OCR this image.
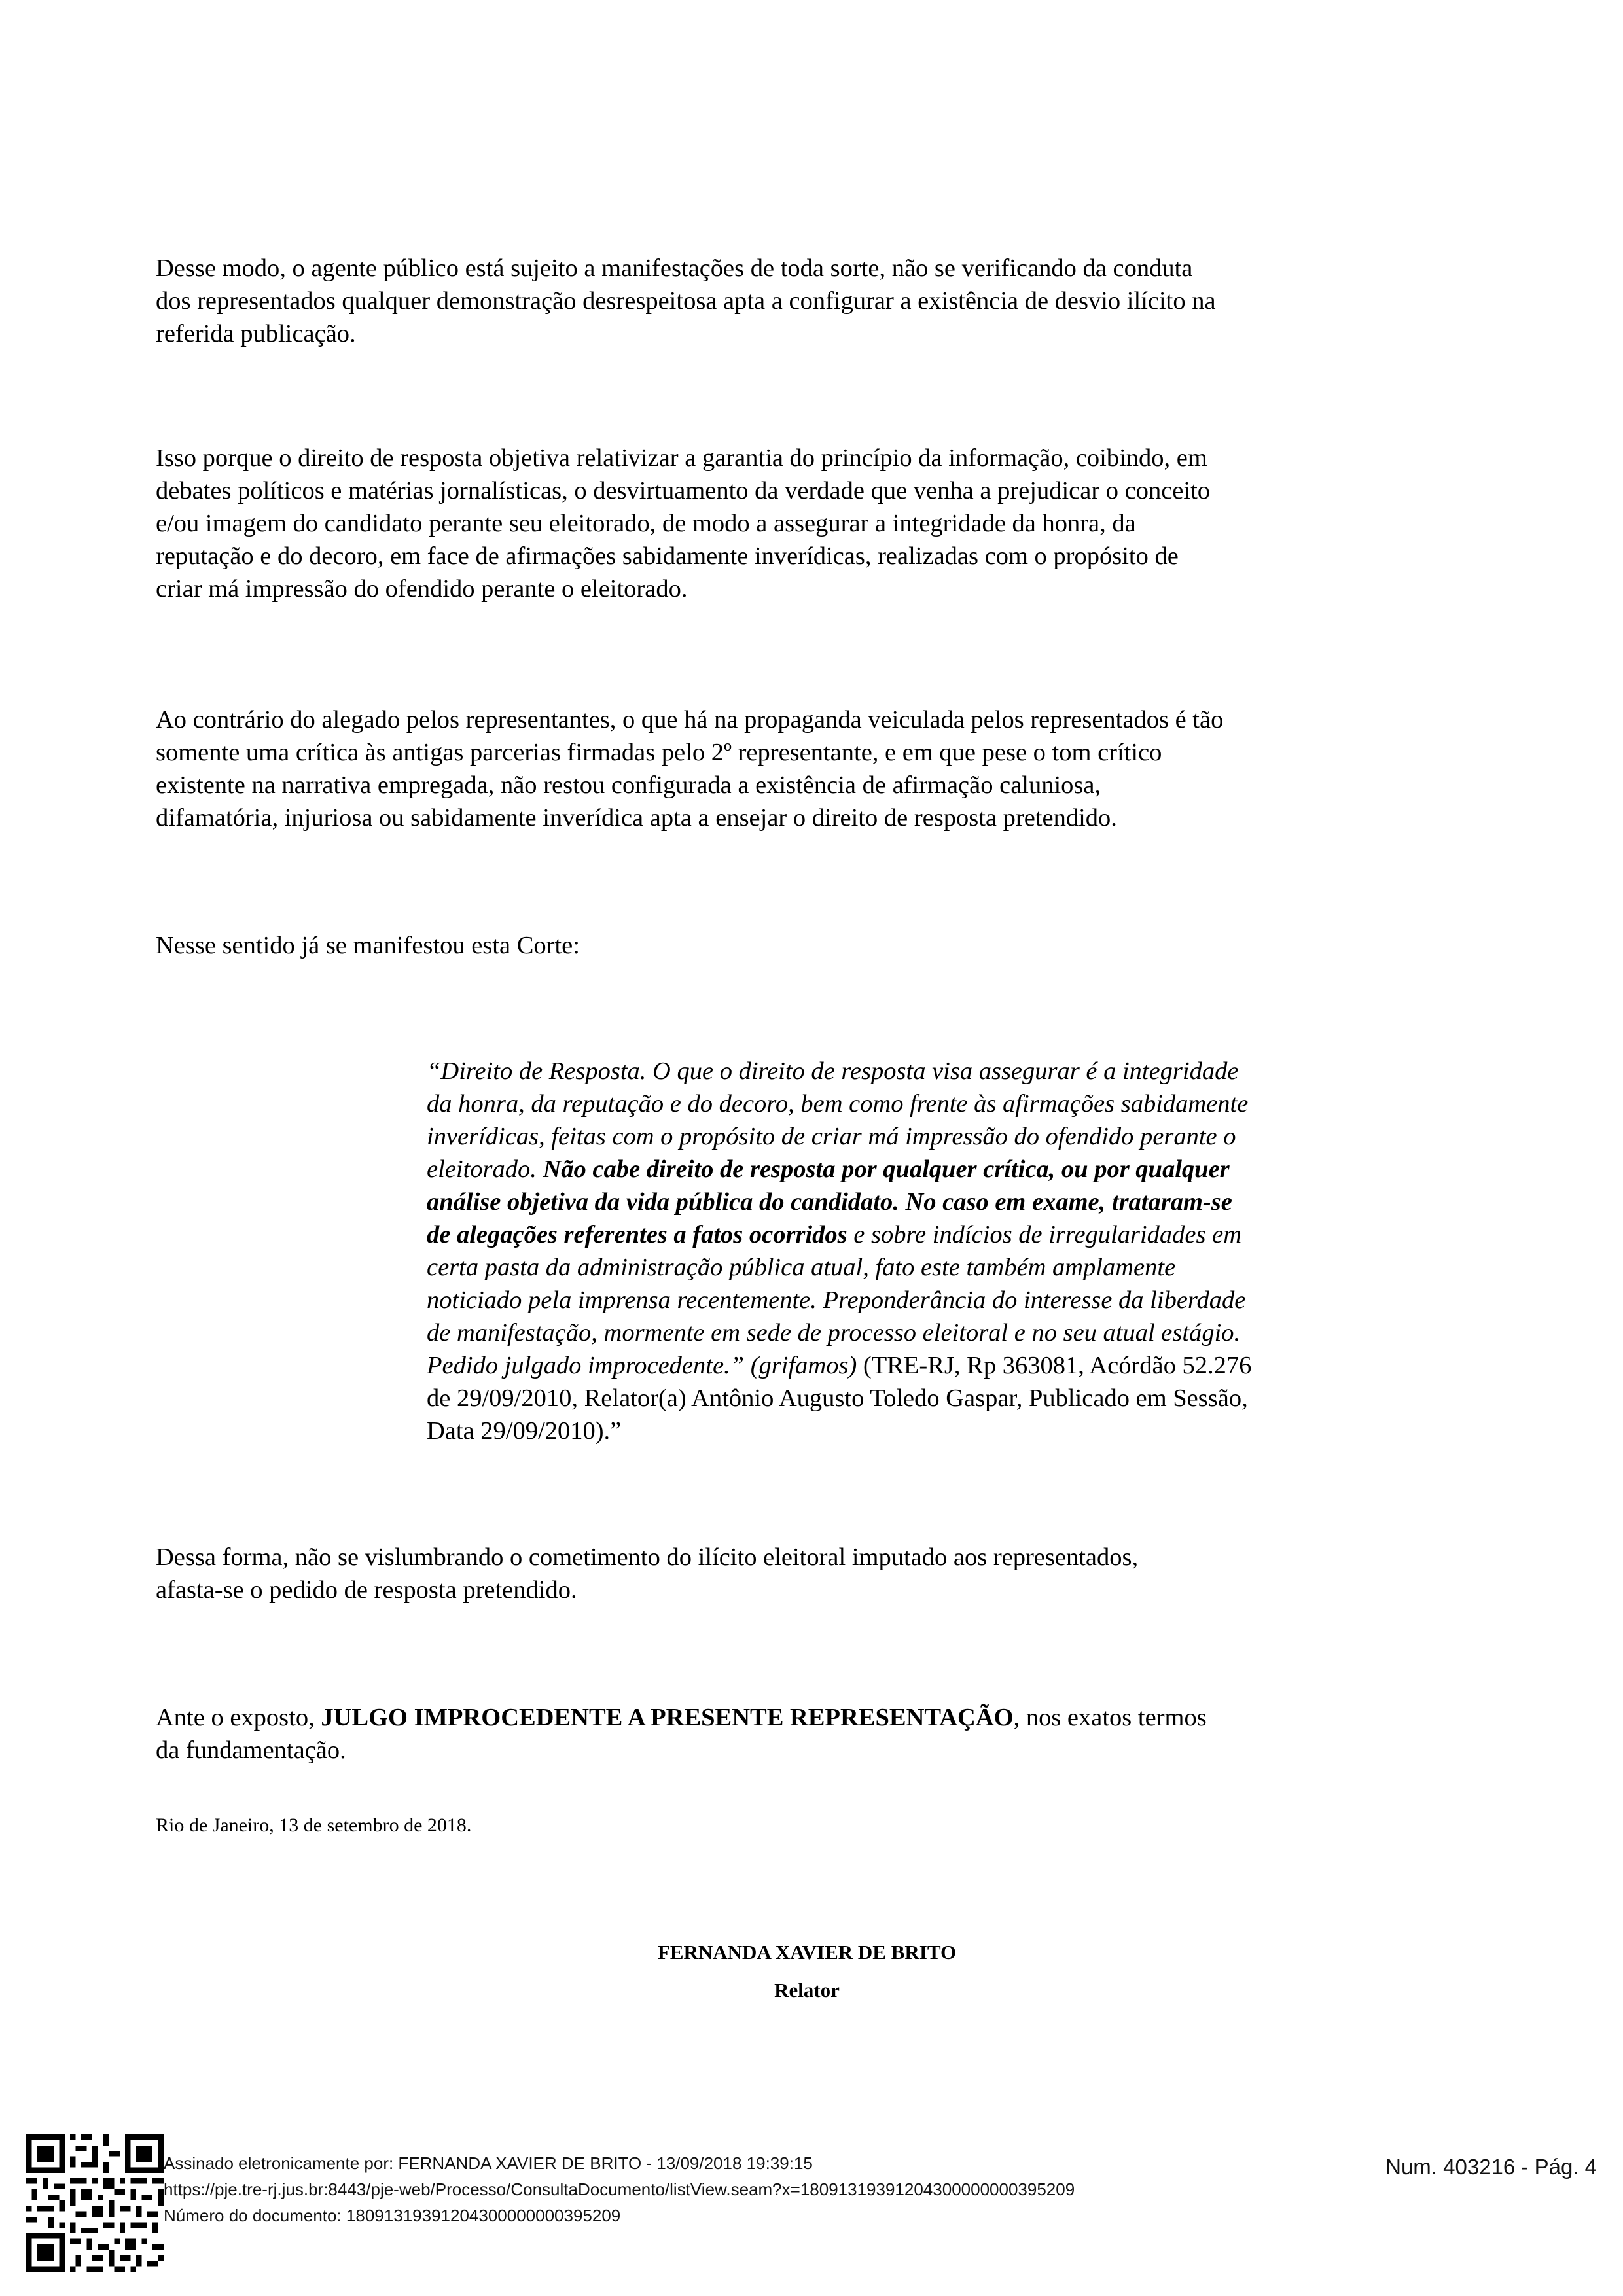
Desse modo, o agente público está sujeito a manifestações de toda sorte, não se verificando da conduta
dos representados qualquer demonstração desrespeitosa apta a configurar a existência de desvio ilícito na
referida publicação.

Isso porque o direito de resposta objetiva relativizar a garantia do princípio da informação, coibindo, em
debates políticos e matérias jornalísticas, o desvirtuamento da verdade que venha a prejudicar o conceito
e/ou imagem do candidato perante seu eleitorado, de modo a assegurar a integridade da honra, da
reputação e do decoro, em face de afirmações sabidamente inverídicas, realizadas com o propósito de
criar má impressão do ofendido perante o eleitorado.

Ao contrário do alegado pelos representantes, o que há na propaganda veiculada pelos representados é tão
somente uma crítica às antigas parcerias firmadas pelo 2º representante, e em que pese o tom crítico
existente na narrativa empregada, não restou configurada a existência de afirmação caluniosa,
difamatória, injuriosa ou sabidamente inverídica apta a ensejar o direito de resposta pretendido.

Nesse sentido já se manifestou esta Corte:

“Direito de Resposta. O que o direito de resposta visa assegurar é a integridade
da honra, da reputação e do decoro, bem como frente às afirmações sabidamente
inverídicas, feitas com o propósito de criar má impressão do ofendido perante o
eleitorado. Não cabe direito de resposta por qualquer crítica, ou por qualquer
análise objetiva da vida pública do candidato. No caso em exame, trataram-se
de alegações referentes a fatos ocorridos e sobre indícios de irregularidades em
certa pasta da administração pública atual, fato este também amplamente
noticiado pela imprensa recentemente. Preponderância do interesse da liberdade
de manifestação, mormente em sede de processo eleitoral e no seu atual estágio.
Pedido julgado improcedente.” (grifamos) (TRE-RJ, Rp 363081, Acórdão 52.276
de 29/09/2010, Relator(a) Antônio Augusto Toledo Gaspar, Publicado em Sessão,
Data 29/09/2010).”

Dessa forma, não se vislumbrando o cometimento do ilícito eleitoral imputado aos representados,
afasta-se o pedido de resposta pretendido.

Ante o exposto, JULGO IMPROCEDENTE A PRESENTE REPRESENTAÇÃO, nos exatos termos
da fundamentação.

Rio de Janeiro, 13 de setembro de 2018.
FERNANDA XAVIER DE BRITO
Relator
Assinado eletronicamente por: FERNANDA XAVIER DE BRITO - 13/09/2018 19:39:15
https://pje.tre-rj.jus.br:8443/pje-web/Processo/ConsultaDocumento/listView.seam?x=18091319391204300000000395209
Número do documento: 18091319391204300000000395209
Num. 403216 - Pág. 4
